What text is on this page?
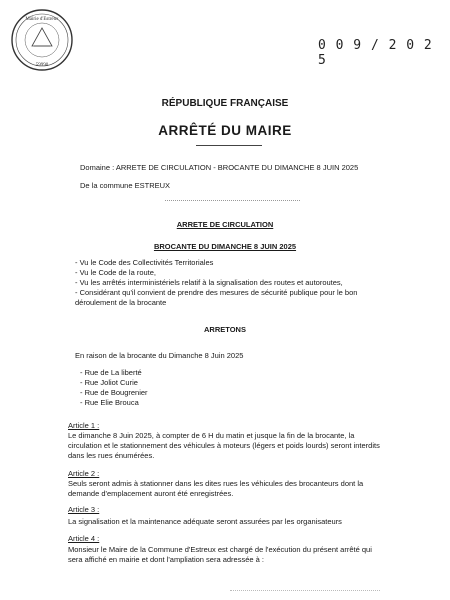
Mairie d'Estreux
59990
0 0 9 / 2 0 2 5
RÉPUBLIQUE FRANÇAISE
ARRÊTÉ DU MAIRE
Domaine : ARRETE DE CIRCULATION - BROCANTE DU DIMANCHE 8 JUIN 2025
De la commune ESTREUX
ARRETE DE CIRCULATION
BROCANTE DU DIMANCHE 8 JUIN 2025
- Vu le Code des Collectivités Territoriales
- Vu le Code de la route,
- Vu les arrêtés interministériels relatif à la signalisation des routes et autoroutes,
- Considérant qu'il convient de prendre des mesures de sécurité publique pour le bon
déroulement de la brocante
ARRETONS
En raison de la brocante du Dimanche 8 Juin 2025
- Rue de La liberté
- Rue Joliot Curie
- Rue de Bougrenier
- Rue Elie Brouca
Article 1 :
Le dimanche 8 Juin 2025, à compter de 6 H du matin et jusque la fin de la brocante, la circulation et le stationnement des véhicules à moteurs (légers et poids lourds) seront interdits dans les rues énumérées.
Article 2 :
Seuls seront admis à stationner dans les dites rues les véhicules des brocanteurs dont la demande d'emplacement auront été enregistrées.
Article 3 :
La signalisation et la maintenance adéquate seront assurées par les organisateurs
Article 4 :
Monsieur le Maire de la Commune d'Estreux est chargé de l'exécution du présent arrêté qui sera affiché en mairie et dont l'ampliation sera adressée à :
